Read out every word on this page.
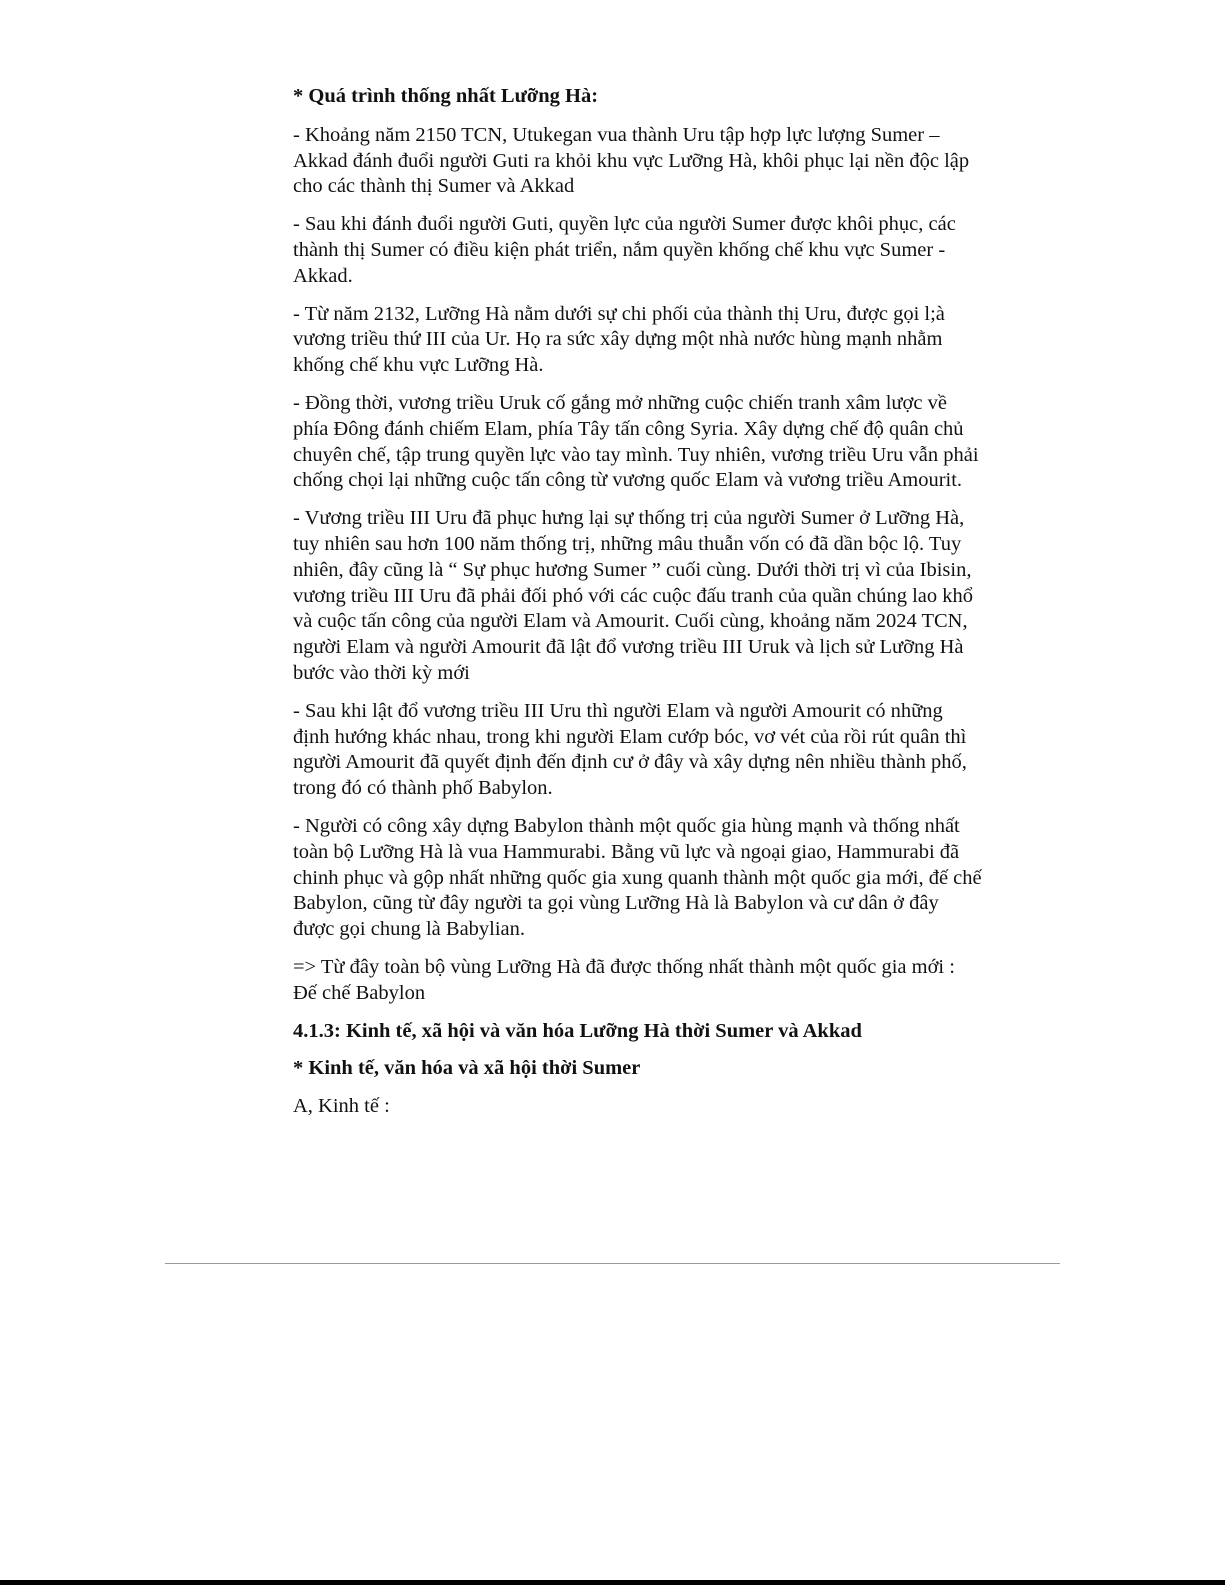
* Quá trình thống nhất Lưỡng Hà:

- Khoảng năm 2150 TCN, Utukegan vua thành Uru tập hợp lực lượng Sumer – Akkad đánh đuổi người Guti ra khỏi khu vực Lưỡng Hà, khôi phục lại nền độc lập cho các thành thị Sumer và Akkad

- Sau khi đánh đuổi người Guti, quyền lực của người Sumer được khôi phục, các thành thị Sumer có điều kiện phát triển, nắm quyền khống chế khu vực Sumer - Akkad.

- Từ năm 2132, Lưỡng Hà nằm dưới sự chi phối của thành thị Uru, được gọi l;à vương triều thứ III của Ur. Họ ra sức xây dựng một nhà nước hùng mạnh nhằm khống chế khu vực Lưỡng Hà.

- Đồng thời, vương triều Uruk cố gắng mở những cuộc chiến tranh xâm lược về phía Đông đánh chiếm Elam, phía Tây tấn công Syria. Xây dựng chế độ quân chủ chuyên chế, tập trung quyền lực vào tay mình. Tuy nhiên, vương triều Uru vẫn phải chống chọi lại những cuộc tấn công từ vương quốc Elam và vương triều Amourit.

- Vương triều III Uru đã phục hưng lại sự thống trị của người Sumer ở Lưỡng Hà, tuy nhiên sau hơn 100 năm thống trị, những mâu thuẫn vốn có đã dần bộc lộ. Tuy nhiên, đây cũng là “ Sự phục hương Sumer ” cuối cùng. Dưới thời trị vì của Ibisin, vương triều III Uru đã phải đối phó với các cuộc đấu tranh của quần chúng lao khổ và cuộc tấn công của người Elam và Amourit. Cuối cùng, khoảng năm 2024 TCN, người Elam và người Amourit đã lật đổ vương triều III Uruk và lịch sử Lưỡng Hà bước vào thời kỳ mới

- Sau khi lật đổ vương triều III Uru thì người Elam và người Amourit có những định hướng khác nhau, trong khi người Elam cướp bóc, vơ vét của rồi rút quân thì người Amourit đã quyết định đến định cư ở đây và xây dựng nên nhiều thành phố, trong đó có thành phố Babylon.

- Người có công xây dựng Babylon thành một quốc gia hùng mạnh và thống nhất toàn bộ Lưỡng Hà là vua Hammurabi. Bằng vũ lực và ngoại giao, Hammurabi đã chinh phục và gộp nhất những quốc gia xung quanh thành một quốc gia mới, đế chế Babylon, cũng từ đây người ta gọi vùng Lưỡng Hà là Babylon và cư dân ở đây được gọi chung là Babylian.

=> Từ đây toàn bộ vùng Lưỡng Hà đã được thống nhất thành một quốc gia mới : Đế chế Babylon

4.1.3: Kinh tế, xã hội và văn hóa Lưỡng Hà thời Sumer và Akkad

* Kinh tế, văn hóa và xã hội thời Sumer

A, Kinh tế :
